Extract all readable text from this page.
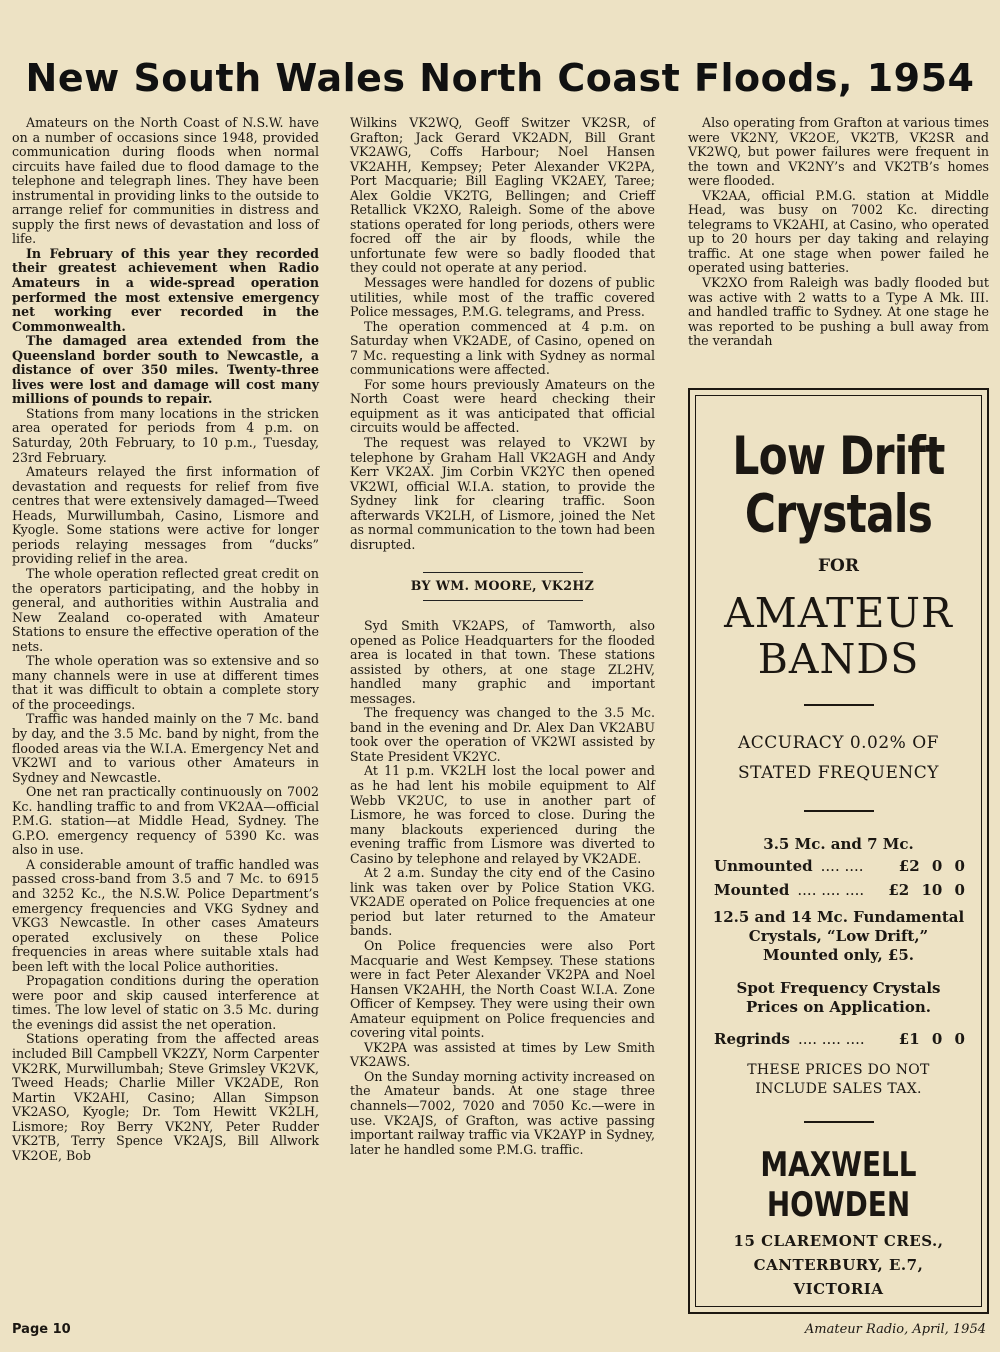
New South Wales North Coast Floods, 1954

Amateurs on the North Coast of N.S.W. have on a number of occasions since 1948, provided communication during floods when normal circuits have failed due to flood damage to the telephone and telegraph lines. They have been instrumental in providing links to the outside to arrange relief for communities in distress and supply the first news of devastation and loss of life.

In February of this year they recorded their greatest achievement when Radio Amateurs in a wide-spread operation performed the most extensive emergency net working ever recorded in the Commonwealth.

The damaged area extended from the Queensland border south to Newcastle, a distance of over 350 miles. Twenty-three lives were lost and damage will cost many millions of pounds to repair.

Stations from many locations in the stricken area operated for periods from 4 p.m. on Saturday, 20th February, to 10 p.m., Tuesday, 23rd February.

Amateurs relayed the first information of devastation and requests for relief from five centres that were extensively damaged—Tweed Heads, Murwillumbah, Casino, Lismore and Kyogle. Some stations were active for longer periods relaying messages from “ducks” providing relief in the area.

The whole operation reflected great credit on the operators participating, and the hobby in general, and authorities within Australia and New Zealand co-operated with Amateur Stations to ensure the effective operation of the nets.

The whole operation was so extensive and so many channels were in use at different times that it was difficult to obtain a complete story of the proceedings.

Traffic was handed mainly on the 7 Mc. band by day, and the 3.5 Mc. band by night, from the flooded areas via the W.I.A. Emergency Net and VK2WI and to various other Amateurs in Sydney and Newcastle.

One net ran practically continuously on 7002 Kc. handling traffic to and from VK2AA—official P.M.G. station—at Middle Head, Sydney. The G.P.O. emergency requency of 5390 Kc. was also in use.

A considerable amount of traffic handled was passed cross-band from 3.5 and 7 Mc. to 6915 and 3252 Kc., the N.S.W. Police Department’s emergency frequencies and VKG Sydney and VKG3 Newcastle. In other cases Amateurs operated exclusively on these Police frequencies in areas where suitable xtals had been left with the local Police authorities.

Propagation conditions during the operation were poor and skip caused interference at times. The low level of static on 3.5 Mc. during the evenings did assist the net operation.

Stations operating from the affected areas included Bill Campbell VK2ZY, Norm Carpenter VK2RK, Murwillumbah; Steve Grimsley VK2VK, Tweed Heads; Charlie Miller VK2ADE, Ron Martin VK2AHI, Casino; Allan Simpson VK2ASO, Kyogle; Dr. Tom Hewitt VK2LH, Lismore; Roy Berry VK2NY, Peter Rudder VK2TB, Terry Spence VK2AJS, Bill Allwork VK2OE, Bob

Wilkins VK2WQ, Geoff Switzer VK2SR, of Grafton; Jack Gerard VK2ADN, Bill Grant VK2AWG, Coffs Harbour; Noel Hansen VK2AHH, Kempsey; Peter Alexander VK2PA, Port Macquarie; Bill Eagling VK2AEY, Taree; Alex Goldie VK2TG, Bellingen; and Crieff Retallick VK2XO, Raleigh. Some of the above stations operated for long periods, others were focred off the air by floods, while the unfortunate few were so badly flooded that they could not operate at any period.

Messages were handled for dozens of public utilities, while most of the traffic covered Police messages, P.M.G. telegrams, and Press.

The operation commenced at 4 p.m. on Saturday when VK2ADE, of Casino, opened on 7 Mc. requesting a link with Sydney as normal communications were affected.

For some hours previously Amateurs on the North Coast were heard checking their equipment as it was anticipated that official circuits would be affected.

The request was relayed to VK2WI by telephone by Graham Hall VK2AGH and Andy Kerr VK2AX. Jim Corbin VK2YC then opened VK2WI, official W.I.A. station, to provide the Sydney link for clearing traffic. Soon afterwards VK2LH, of Lismore, joined the Net as normal communication to the town had been disrupted.

BY WM. MOORE, VK2HZ

Syd Smith VK2APS, of Tamworth, also opened as Police Headquarters for the flooded area is located in that town. These stations assisted by others, at one stage ZL2HV, handled many graphic and important messages.

The frequency was changed to the 3.5 Mc. band in the evening and Dr. Alex Dan VK2ABU took over the operation of VK2WI assisted by State President VK2YC.

At 11 p.m. VK2LH lost the local power and as he had lent his mobile equipment to Alf Webb VK2UC, to use in another part of Lismore, he was forced to close. During the many blackouts experienced during the evening traffic from Lismore was diverted to Casino by telephone and relayed by VK2ADE.

At 2 a.m. Sunday the city end of the Casino link was taken over by Police Station VKG. VK2ADE operated on Police frequencies at one period but later returned to the Amateur bands.

On Police frequencies were also Port Macquarie and West Kempsey. These stations were in fact Peter Alexander VK2PA and Noel Hansen VK2AHH, the North Coast W.I.A. Zone Officer of Kempsey. They were using their own Amateur equipment on Police frequencies and covering vital points.

VK2PA was assisted at times by Lew Smith VK2AWS.

On the Sunday morning activity increased on the Amateur bands. At one stage three channels—7002, 7020 and 7050 Kc.—were in use. VK2AJS, of Grafton, was active passing important railway traffic via VK2AYP in Sydney, later he handled some P.M.G. traffic.

Also operating from Grafton at various times were VK2NY, VK2OE, VK2TB, VK2SR and VK2WQ, but power failures were frequent in the town and VK2NY’s and VK2TB’s homes were flooded.

VK2AA, official P.M.G. station at Middle Head, was busy on 7002 Kc. directing telegrams to VK2AHI, at Casino, who operated up to 20 hours per day taking and relaying traffic. At one stage when power failed he operated using batteries.

VK2XO from Raleigh was badly flooded but was active with 2 watts to a Type A Mk. III. and handled traffic to Sydney. At one stage he was reported to be pushing a bull away from the verandah

Low Drift
Crystals
FOR
AMATEUR
BANDS
ACCURACY 0.02% OF
STATED FREQUENCY
3.5 Mc. and 7 Mc.
Unmounted .... ....	£2 0 0
Mounted .... .... ....	£2 10 0
12.5 and 14 Mc. Fundamental Crystals, “Low Drift,” Mounted only, £5.
Spot Frequency Crystals Prices on Application.
Regrinds .... .... ....	£1 0 0
THESE PRICES DO NOT
INCLUDE SALES TAX.
MAXWELL HOWDEN
15 CLAREMONT CRES.,
CANTERBURY, E.7,
VICTORIA
Page 10	Amateur Radio, April, 1954
